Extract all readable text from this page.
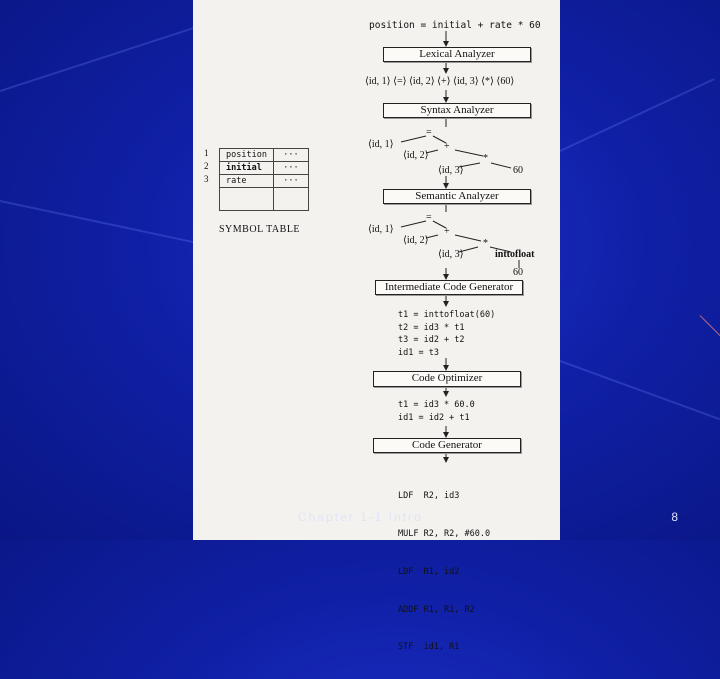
position = initial + rate * 60
Lexical Analyzer
⟨id, 1⟩ ⟨=⟩ ⟨id, 2⟩ ⟨+⟩ ⟨id, 3⟩ ⟨*⟩ ⟨60⟩
Syntax Analyzer
=
⟨id, 1⟩	+
⟨id, 2⟩	*
⟨id, 3⟩	60
Semantic Analyzer
=
⟨id, 1⟩	+
⟨id, 2⟩	*
⟨id, 3⟩	inttofloat
60
Intermediate Code Generator
t1 = inttofloat(60)
t2 = id3 * t1
t3 = id2 + t2
id1 = t3
Code Optimizer
t1 = id3 * 60.0
id1 = id2 + t1
Code Generator

LDF  R2, id3

MULF R2, R2, #60.0

LDF  R1, id2

ADDF R1, R1, R2

STF  id1, R1

1
2
3
position	···
initial	···
rate	···

SYMBOL TABLE
Chapter 1-1 Intro	8
